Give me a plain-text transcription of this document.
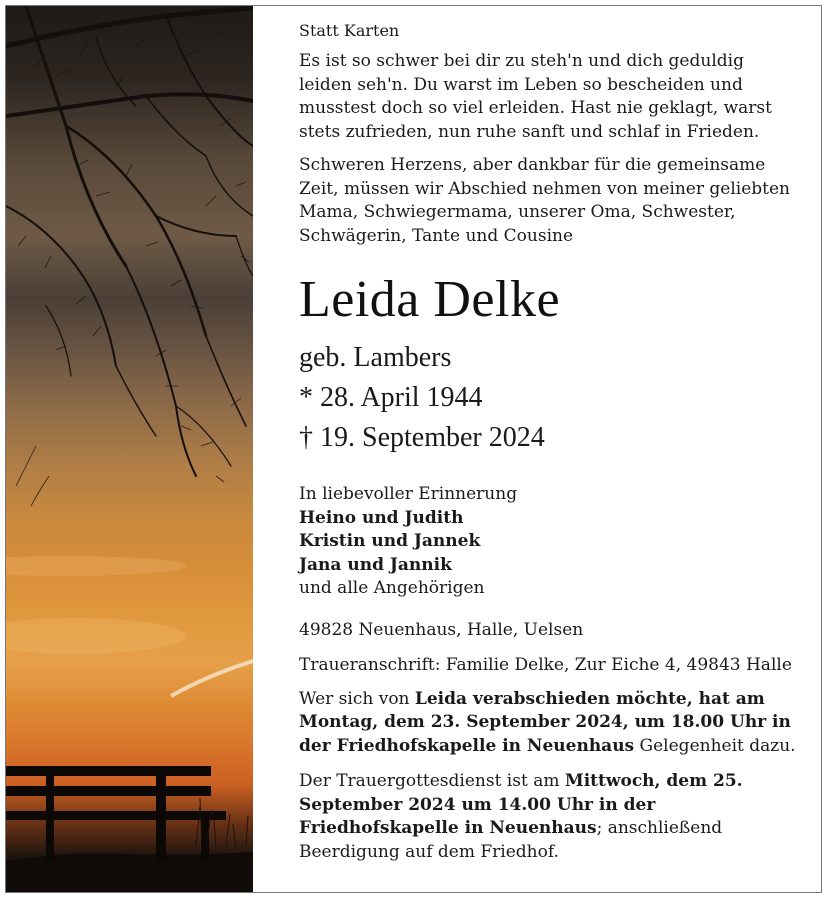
Statt Karten

Es ist so schwer bei dir zu steh'n und dich geduldig leiden seh'n. Du warst im Leben so bescheiden und musstest doch so viel erleiden. Hast nie geklagt, warst stets zufrieden, nun ruhe sanft und schlaf in Frieden.

Schweren Herzens, aber dankbar für die gemeinsame Zeit, müssen wir Abschied nehmen von meiner geliebten Mama, Schwiegermama, unserer Oma, Schwester, Schwägerin, Tante und Cousine

Leida Delke
geb. Lambers
* 28. April 1944
† 19. September 2024

In liebevoller Erinnerung

Heino und Judith

Kristin und Jannek

Jana und Jannik

und alle Angehörigen

49828 Neuenhaus, Halle, Uelsen

Traueranschrift: Familie Delke, Zur Eiche 4, 49843 Halle

Wer sich von Leida verabschieden möchte, hat am Montag, dem 23. September 2024, um 18.00 Uhr in der Friedhofskapelle in Neuenhaus Gelegenheit dazu.

Der Trauergottesdienst ist am Mittwoch, dem 25. September 2024 um 14.00 Uhr in der Friedhofskapelle in Neuenhaus; anschließend Beerdigung auf dem Friedhof.
